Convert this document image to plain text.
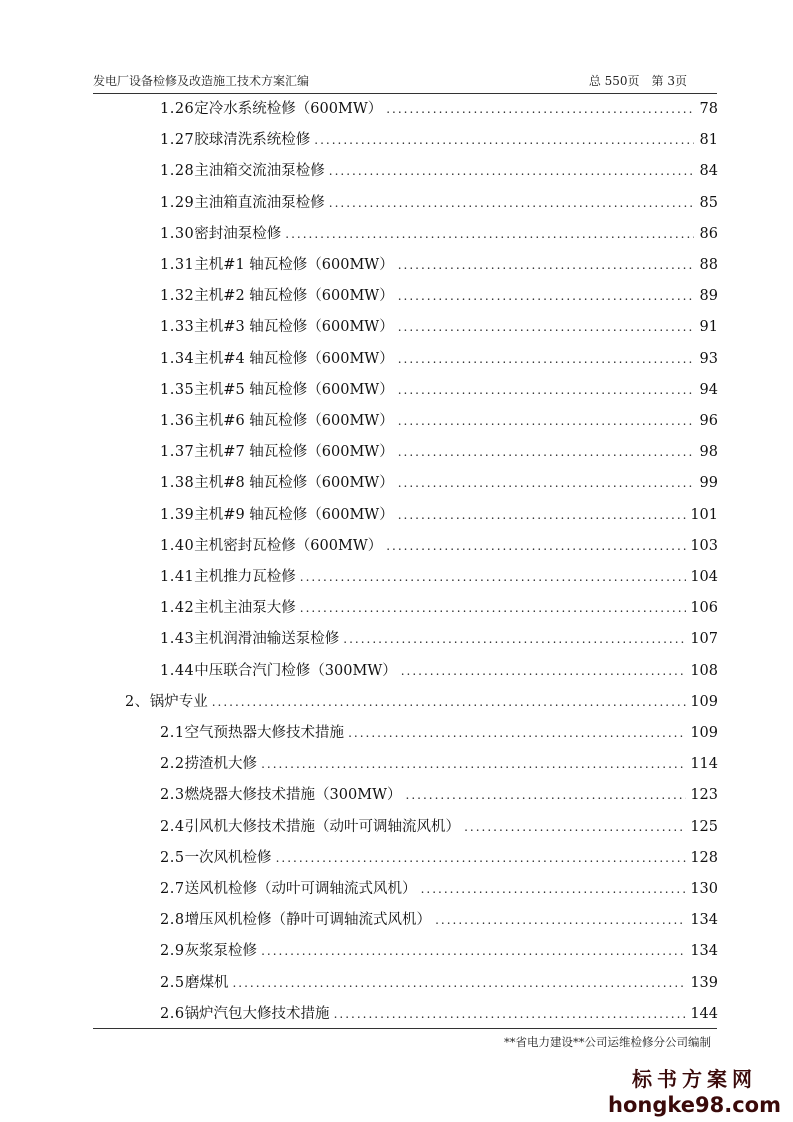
发电厂设备检修及改造施工技术方案汇编	总 550页　第 3页
1.26 定冷水系统检修（600MW） .....	78
1.27 胶球清洗系统检修 .....	81
1.28 主油箱交流油泵检修 .....	84
1.29 主油箱直流油泵检修 .....	85
1.30 密封油泵检修 .....	86
1.31 主机#1 轴瓦检修（600MW） .....	88
1.32 主机#2 轴瓦检修（600MW） .....	89
1.33 主机#3 轴瓦检修（600MW） .....	91
1.34 主机#4 轴瓦检修（600MW） .....	93
1.35 主机#5 轴瓦检修（600MW） .....	94
1.36 主机#6 轴瓦检修（600MW） .....	96
1.37 主机#7 轴瓦检修（600MW） .....	98
1.38 主机#8 轴瓦检修（600MW） .....	99
1.39 主机#9 轴瓦检修（600MW） .....	101
1.40 主机密封瓦检修（600MW） .....	103
1.41 主机推力瓦检修 .....	104
1.42 主机主油泵大修 .....	106
1.43 主机润滑油输送泵检修 .....	107
1.44 中压联合汽门检修（300MW） .....	108
2、 锅炉专业 .....	109
2.1 空气预热器大修技术措施 .....	109
2.2 捞渣机大修 .....	114
2.3 燃烧器大修技术措施（300MW） .....	123
2.4 引风机大修技术措施（动叶可调轴流风机） .....	125
2.5 一次风机检修 .....	128
2.7 送风机检修（动叶可调轴流式风机） .....	130
2.8 增压风机检修（静叶可调轴流式风机） .....	134
2.9 灰浆泵检修 .....	134
2.5 磨煤机 .....	139
2.6 锅炉汽包大修技术措施 .....	144
**省电力建设**公司运维检修分公司编制
标书方案网
hongke98.com
